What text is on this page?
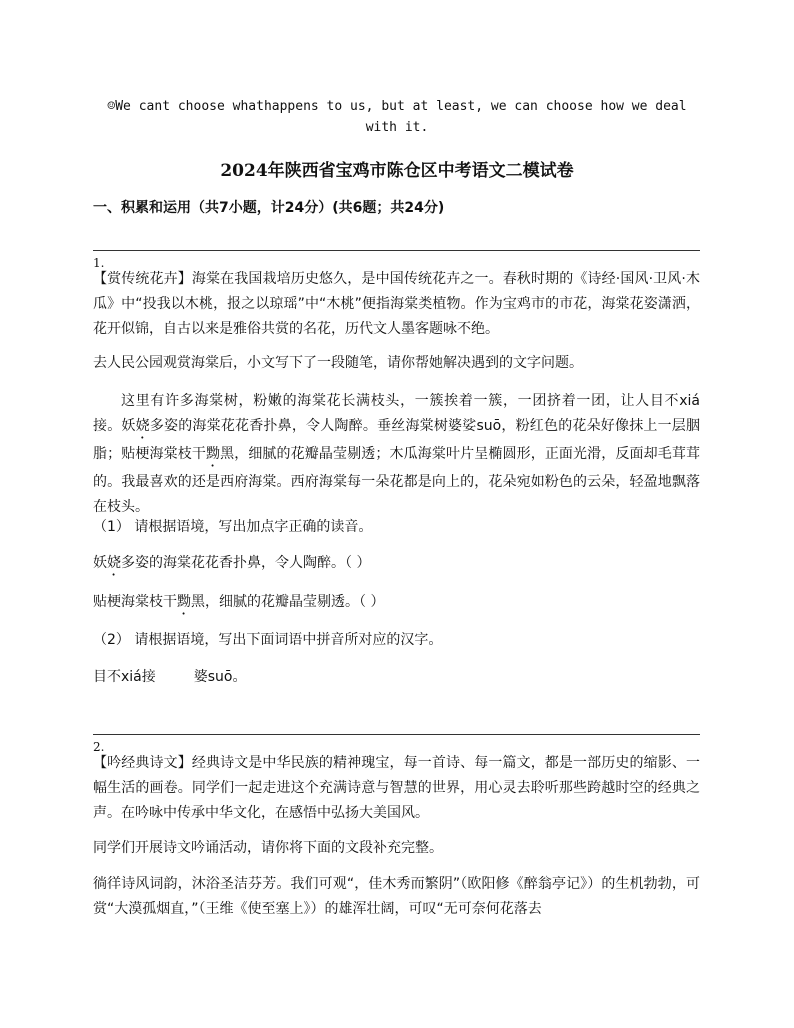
☺We cant choose whathappens to us, but at least, we can choose how we deal
with it.
2024年陕西省宝鸡市陈仓区中考语文二模试卷
一、积累和运用（共7小题，计24分）(共6题；共24分)
1.

【赏传统花卉】海棠在我国栽培历史悠久，是中国传统花卉之一。春秋时期的《诗经·国风·卫风·木瓜》中“投我以木桃，报之以琼瑶”中“木桃”便指海棠类植物。作为宝鸡市的市花，海棠花姿潇洒，花开似锦，自古以来是雅俗共赏的名花，历代文人墨客题咏不绝。

去人民公园观赏海棠后，小文写下了一段随笔，请你帮她解决遇到的文字问题。

这里有许多海棠树，粉嫩的海棠花长满枝头，一簇挨着一簇，一团挤着一团，让人目不xiá接。妖娆多姿的海棠花花香扑鼻，令人陶醉。垂丝海棠树婆娑suō，粉红色的花朵好像抹上一层胭脂；贴梗海棠枝干黝黑，细腻的花瓣晶莹剔透；木瓜海棠叶片呈椭圆形，正面光滑，反面却毛茸茸的。我最喜欢的还是西府海棠。西府海棠每一朵花都是向上的，花朵宛如粉色的云朵，轻盈地飘落在枝头。

（1） 请根据语境，写出加点字正确的读音。

妖娆多姿的海棠花花香扑鼻，令人陶醉。（ ）

贴梗海棠枝干黝黑，细腻的花瓣晶莹剔透。（ ）

（2） 请根据语境，写出下面词语中拼音所对应的汉字。

目不xiá接	婆suō。

2.

【吟经典诗文】经典诗文是中华民族的精神瑰宝，每一首诗、每一篇文，都是一部历史的缩影、一幅生活的画卷。同学们一起走进这个充满诗意与智慧的世界，用心灵去聆听那些跨越时空的经典之声。在吟咏中传承中华文化，在感悟中弘扬大美国风。

同学们开展诗文吟诵活动，请你将下面的文段补充完整。

徜徉诗风词韵，沐浴圣洁芬芳。我们可观“，佳木秀而繁阴”（欧阳修《醉翁亭记》）的生机勃勃，可赏“大漠孤烟直，”（王维《使至塞上》）的雄浑壮阔，可叹“无可奈何花落去
